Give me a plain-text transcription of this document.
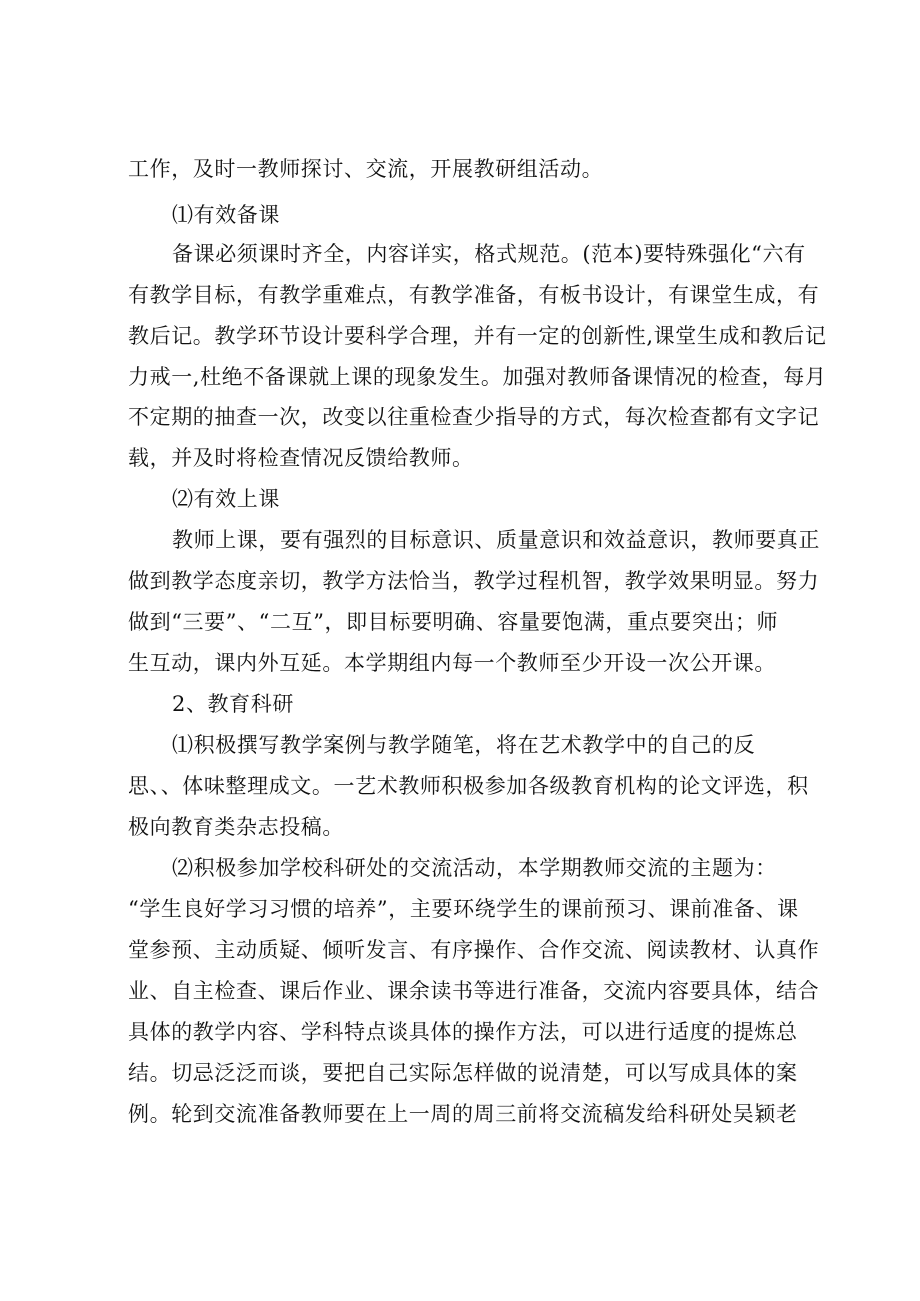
工作，及时一教师探讨、交流，开展教研组活动。
⑴有效备课
备课必须课时齐全，内容详实，格式规范。(范本)要特殊强化“六有
有教学目标，有教学重难点，有教学准备，有板书设计，有课堂生成，有
教后记。教学环节设计要科学合理，并有一定的创新性,课堂生成和教后记
力戒一,杜绝不备课就上课的现象发生。加强对教师备课情况的检查，每月
不定期的抽查一次，改变以往重检查少指导的方式，每次检查都有文字记
载，并及时将检查情况反馈给教师。
⑵有效上课
教师上课，要有强烈的目标意识、质量意识和效益意识，教师要真正
做到教学态度亲切，教学方法恰当，教学过程机智，教学效果明显。努力
做到“三要”、“二互”，即目标要明确、容量要饱满，重点要突出；师
生互动，课内外互延。本学期组内每一个教师至少开设一次公开课。
2、教育科研
⑴积极撰写教学案例与教学随笔，将在艺术教学中的自己的反
思、、体味整理成文。一艺术教师积极参加各级教育机构的论文评选，积
极向教育类杂志投稿。
⑵积极参加学校科研处的交流活动，本学期教师交流的主题为：
“学生良好学习习惯的培养”，主要环绕学生的课前预习、课前准备、课
堂参预、主动质疑、倾听发言、有序操作、合作交流、阅读教材、认真作
业、自主检查、课后作业、课余读书等进行准备，交流内容要具体，结合
具体的教学内容、学科特点谈具体的操作方法，可以进行适度的提炼总
结。切忌泛泛而谈，要把自己实际怎样做的说清楚，可以写成具体的案
例。轮到交流准备教师要在上一周的周三前将交流稿发给科研处吴颖老
